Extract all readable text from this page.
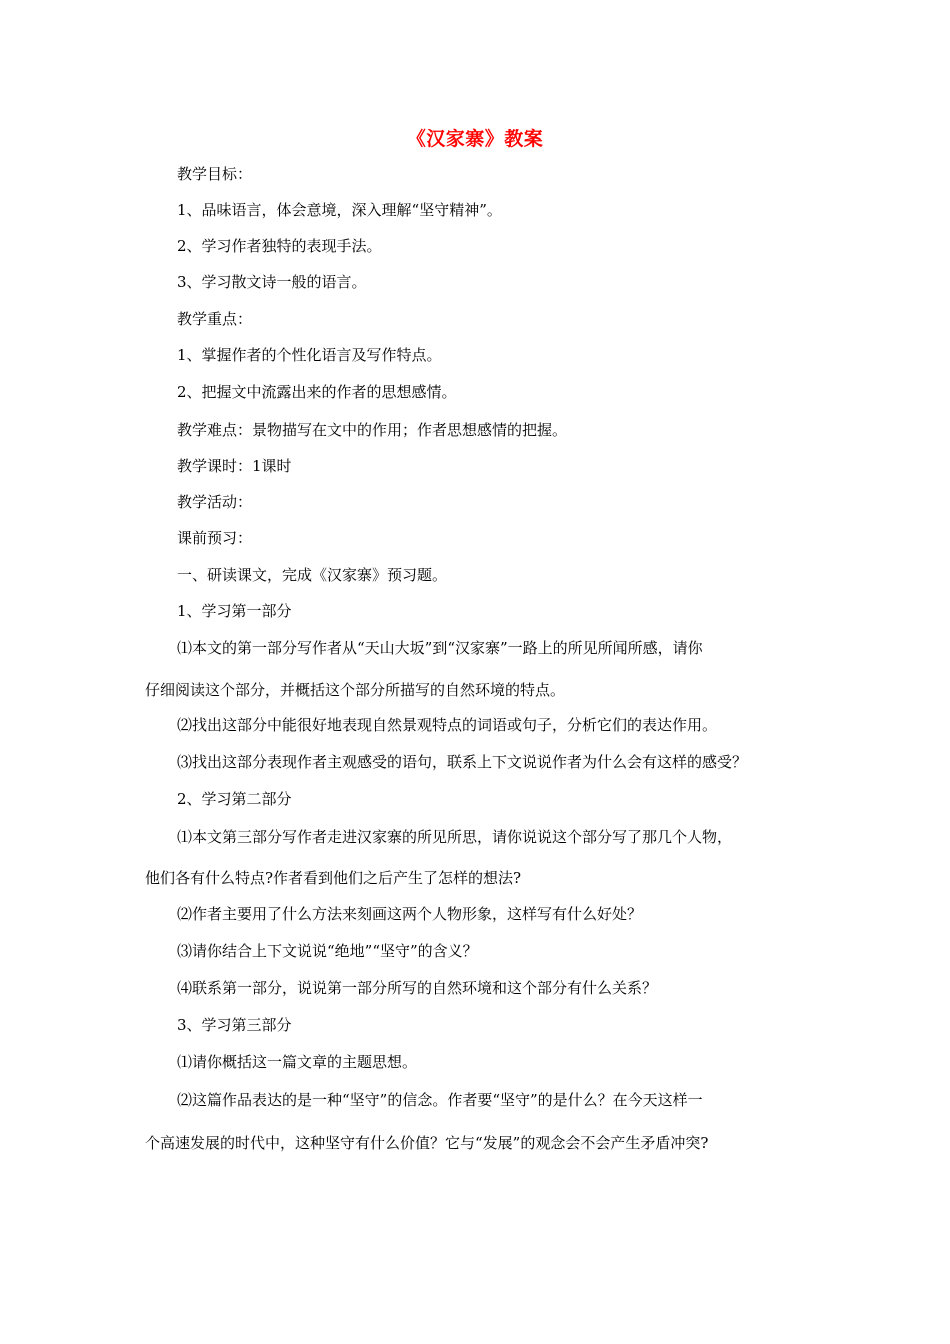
《汉家寨》教案
教学目标：
1、品味语言，体会意境，深入理解“坚守精神”。
2、学习作者独特的表现手法。
3、学习散文诗一般的语言。
教学重点：
1、掌握作者的个性化语言及写作特点。
2、把握文中流露出来的作者的思想感情。
教学难点：景物描写在文中的作用；作者思想感情的把握。
教学课时：1课时
教学活动：
课前预习：
一、研读课文，完成《汉家寨》预习题。
1、学习第一部分
⑴本文的第一部分写作者从“天山大坂”到“汉家寨”一路上的所见所闻所感，请你
仔细阅读这个部分，并概括这个部分所描写的自然环境的特点。
⑵找出这部分中能很好地表现自然景观特点的词语或句子，分析它们的表达作用。
⑶找出这部分表现作者主观感受的语句，联系上下文说说作者为什么会有这样的感受？
2、学习第二部分
⑴本文第三部分写作者走进汉家寨的所见所思，请你说说这个部分写了那几个人物，
他们各有什么特点?作者看到他们之后产生了怎样的想法?
⑵作者主要用了什么方法来刻画这两个人物形象，这样写有什么好处？
⑶请你结合上下文说说“绝地”“坚守”的含义？
⑷联系第一部分，说说第一部分所写的自然环境和这个部分有什么关系？
3、学习第三部分
⑴请你概括这一篇文章的主题思想。
⑵这篇作品表达的是一种“坚守”的信念。作者要“坚守”的是什么？在今天这样一
个高速发展的时代中，这种坚守有什么价值？它与“发展”的观念会不会产生矛盾冲突?
